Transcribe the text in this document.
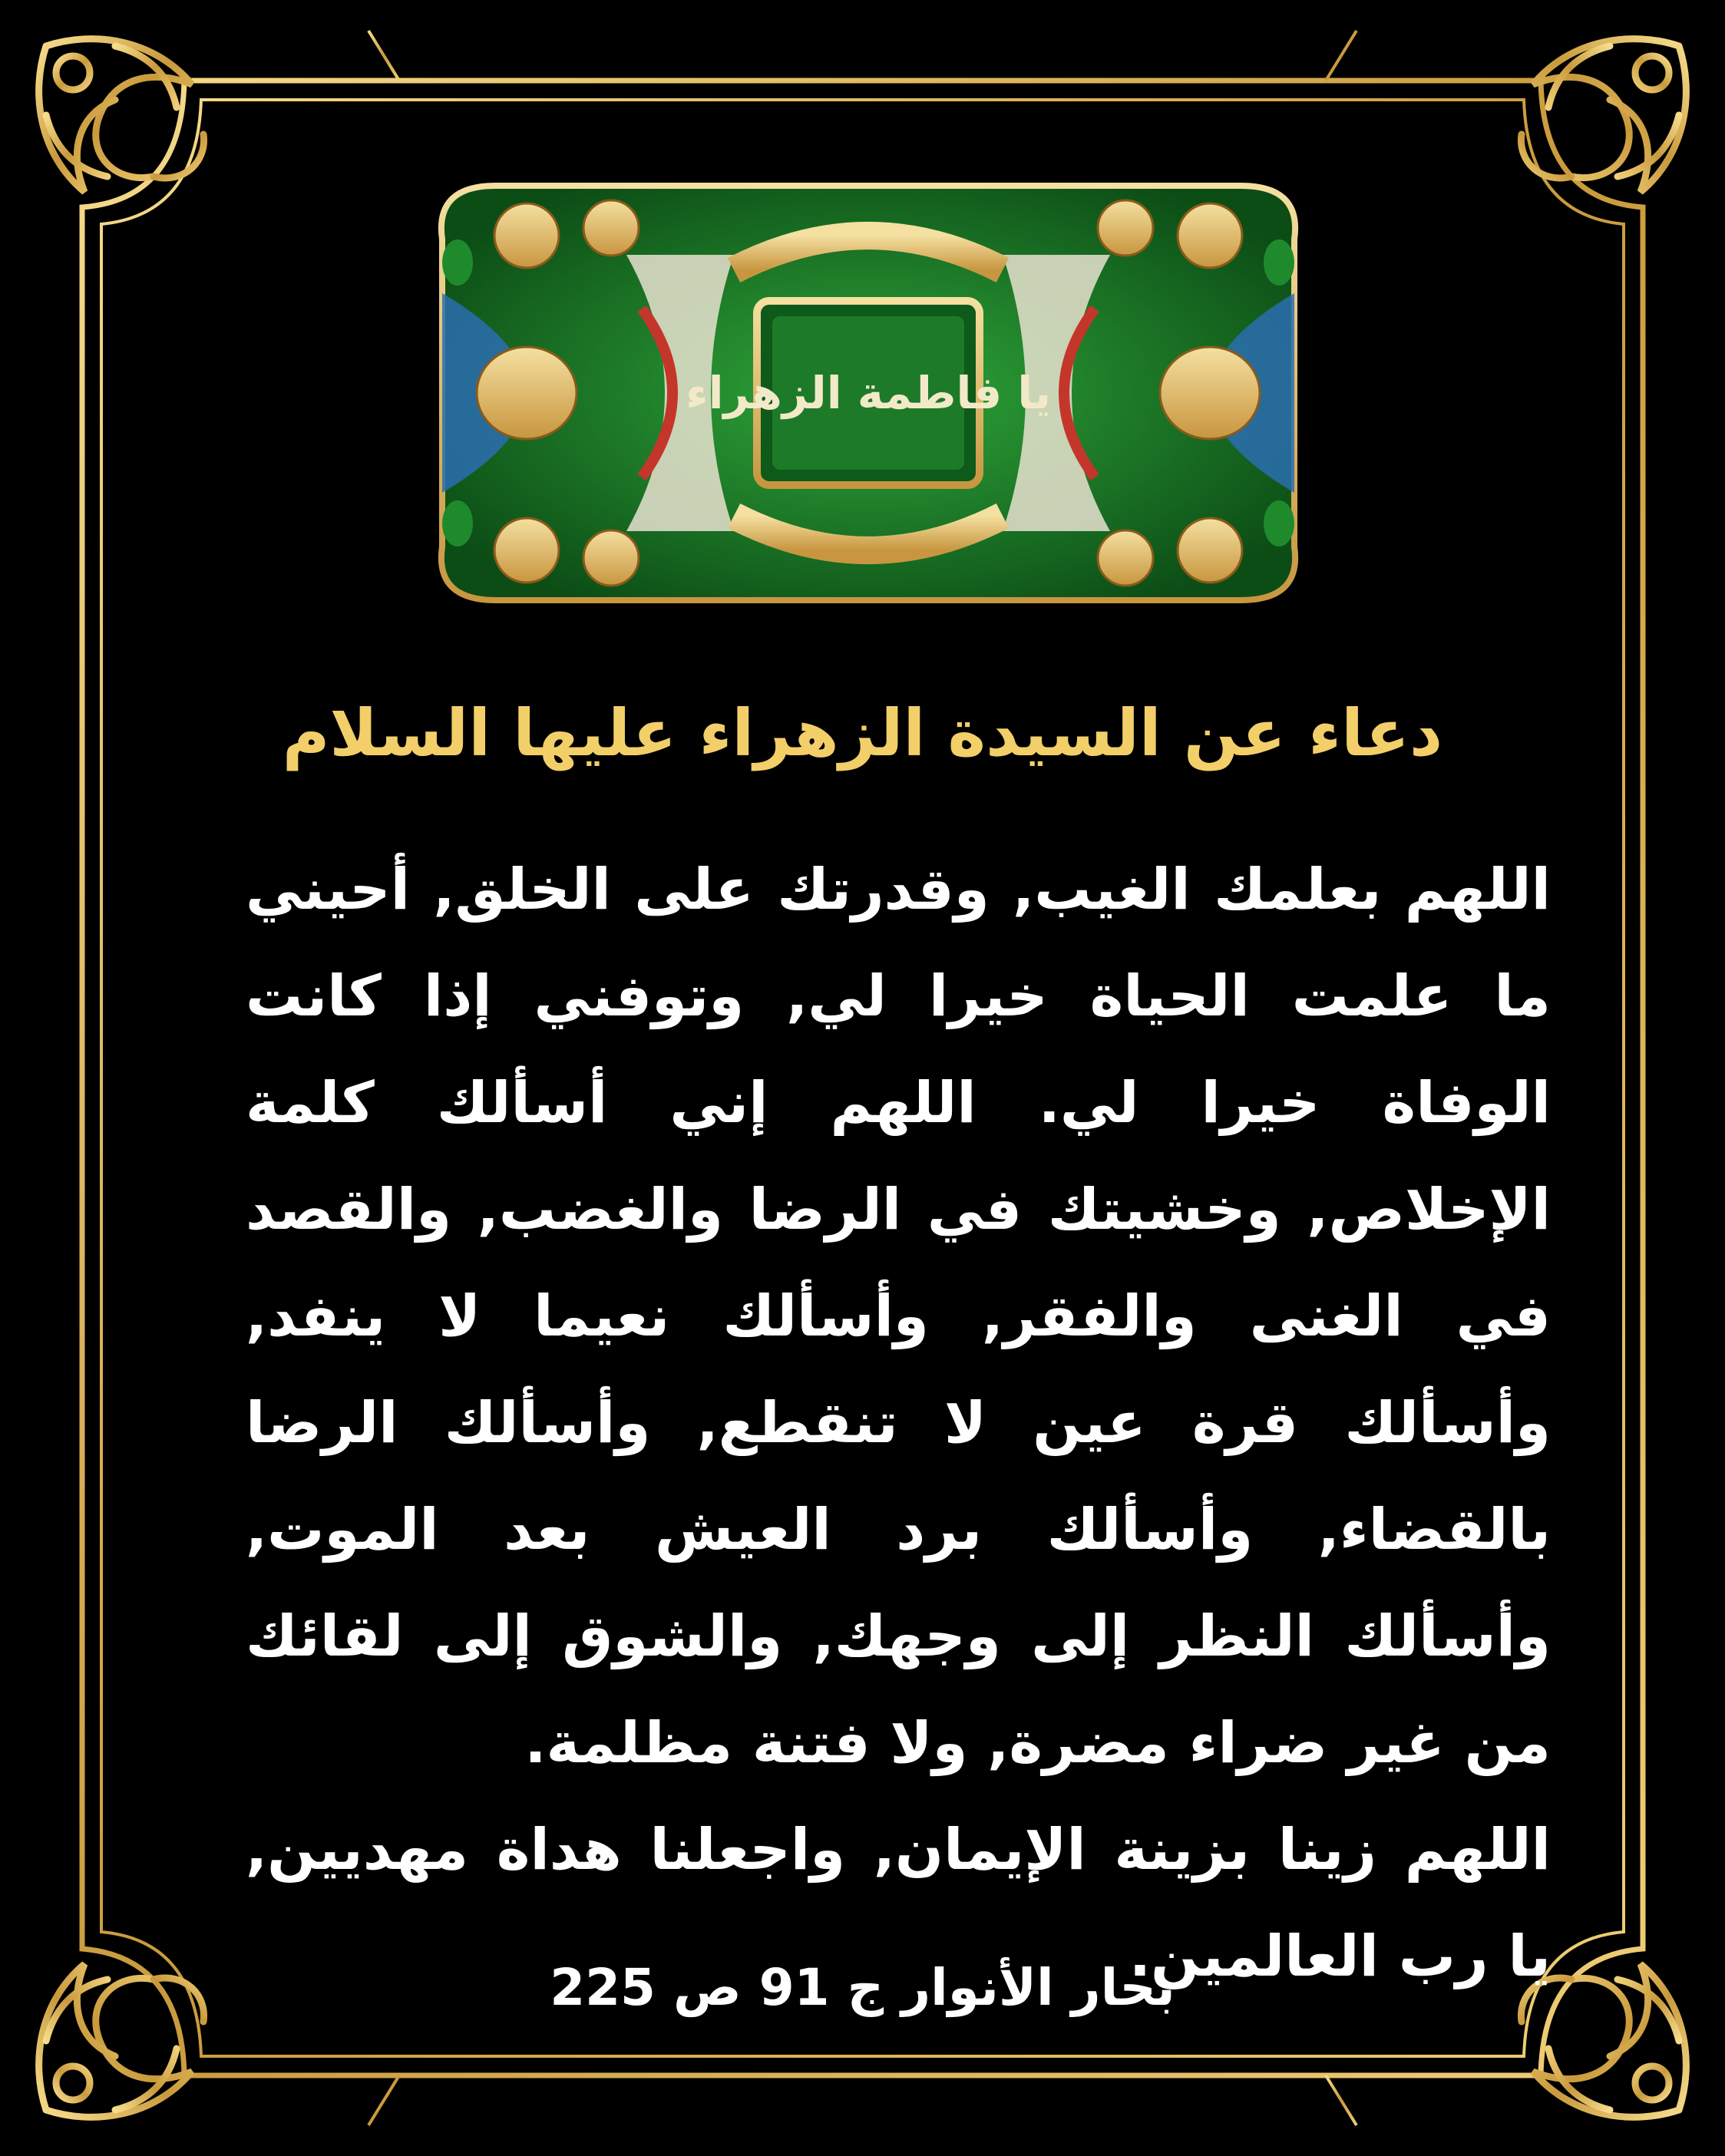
يا فاطمة الزهراء
دعاء عن السيدة الزهراء عليها السلام

اللهم بعلمك الغيب, وقدرتك على الخلق, أحيني ما علمت الحياة خيرا لي, وتوفني إذا كانت الوفاة خيرا لي. اللهم إني أسألك كلمة الإخلاص, وخشيتك في الرضا والغضب, والقصد في الغنى والفقر, وأسألك نعيما لا ينفد, وأسألك قرة عين لا تنقطع, وأسألك الرضا بالقضاء, وأسألك برد العيش بعد الموت, وأسألك النظر إلى وجهك, والشوق إلى لقائك من غير ضراء مضرة, ولا فتنة مظلمة.

اللهم زينا بزينة الإيمان, واجعلنا هداة مهديين, يا رب العالمين.

بحار الأنوار ج 91 ص 225
